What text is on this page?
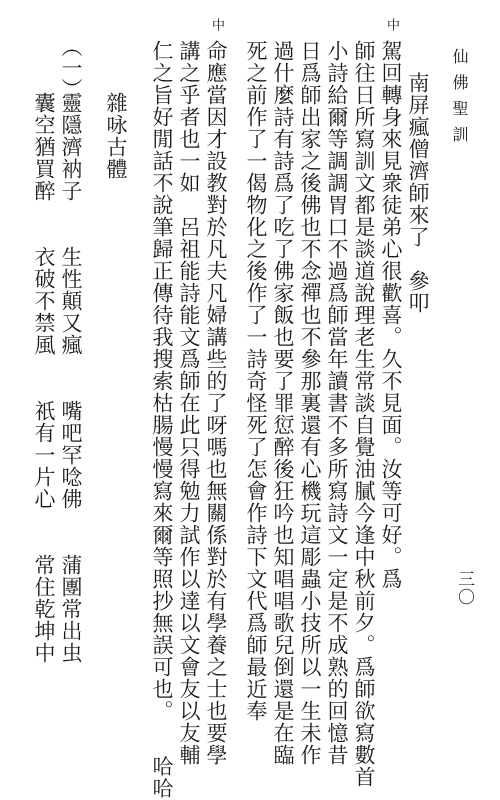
仙佛聖訓
三〇
中
中
南屏瘋僧濟師來了　參叩
駕回轉身來見衆徒弟心很歡喜。久不見面。汝等可好。爲
師往日所寫訓文都是談道說理老生常談自覺油膩今逢中秋前夕。爲師欲寫數首
小詩給爾等調調胃口不過爲師當年讀書不多所寫詩文一定是不成熟的回憶昔
日爲師出家之後佛也不念禪也不參那裏還有心機玩這彫蟲小技所以一生未作
過什麼詩有詩爲了吃了佛家飯也要了罪愆醉後狂吟也知唱唱歌兒倒還是在臨
死之前作了一偈物化之後作了一詩奇怪死了怎會作詩下文代爲師最近奉
命應當因才設教對於凡夫凡婦講些的了呀嗎也無關係對於有學養之士也要學
講之乎者也一如　呂祖能詩能文爲師在此只得勉力試作以達以文會友以友輔
仁之旨好閒話不說筆歸正傳待我搜索枯腸慢慢寫來爾等照抄無誤可也。　　哈哈
雜咏古體
（一）
靈隱濟衲子　　生性顛又瘋　　嘴吧罕唸佛　　蒲團常出虫
囊空猶買醉　　衣破不禁風　　祇有一片心　　常住乾坤中
